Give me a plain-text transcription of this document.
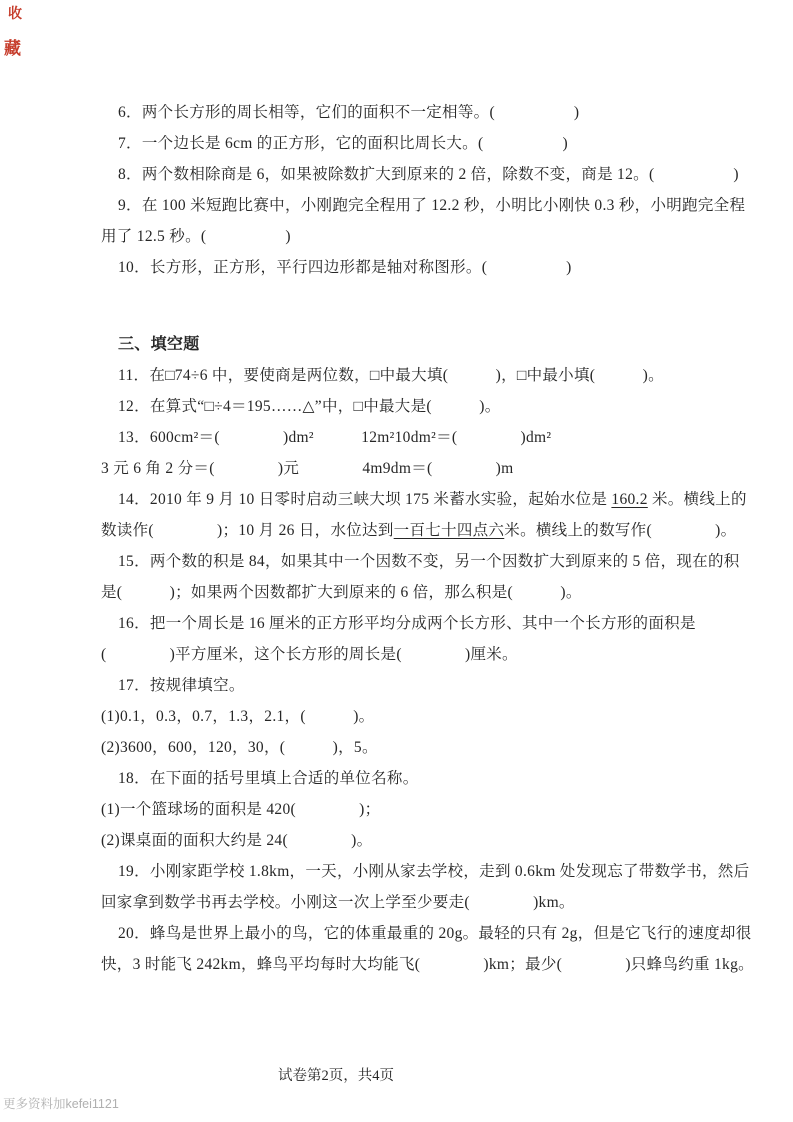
收
藏
6．两个长方形的周长相等，它们的面积不一定相等。(　　　　　)
7．一个边长是 6cm 的正方形，它的面积比周长大。(　　　　　)
8．两个数相除商是 6，如果被除数扩大到原来的 2 倍，除数不变，商是 12。(　　　　　)
9．在 100 米短跑比赛中，小刚跑完全程用了 12.2 秒，小明比小刚快 0.3 秒，小明跑完全程
用了 12.5 秒。(　　　　　)
10．长方形，正方形，平行四边形都是轴对称图形。(　　　　　)
三、填空题
11．在□74÷6 中，要使商是两位数，□中最大填(　　　)，□中最小填(　　　)。
12．在算式“□÷4＝195……△”中，□中最大是(　　　)。
13．600cm²＝(　　　　)dm²　　　12m²10dm²＝(　　　　)dm²
3 元 6 角 2 分＝(　　　　)元　　　　4m9dm＝(　　　　)m
14．2010 年 9 月 10 日零时启动三峡大坝 175 米蓄水实验，起始水位是 160.2 米。横线上的
数读作(　　　　)；10 月 26 日，水位达到一百七十四点六米。横线上的数写作(　　　　)。
15．两个数的积是 84，如果其中一个因数不变，另一个因数扩大到原来的 5 倍，现在的积
是(　　　)；如果两个因数都扩大到原来的 6 倍，那么积是(　　　)。
16．把一个周长是 16 厘米的正方形平均分成两个长方形、其中一个长方形的面积是
(　　　　)平方厘米，这个长方形的周长是(　　　　)厘米。
17．按规律填空。
(1)0.1，0.3，0.7，1.3，2.1，(　　　)。
(2)3600，600，120，30，(　　　)，5。
18．在下面的括号里填上合适的单位名称。
(1)一个篮球场的面积是 420(　　　　)；
(2)课桌面的面积大约是 24(　　　　)。
19．小刚家距学校 1.8km，一天，小刚从家去学校，走到 0.6km 处发现忘了带数学书，然后
回家拿到数学书再去学校。小刚这一次上学至少要走(　　　　)km。
20．蜂鸟是世界上最小的鸟，它的体重最重的 20g。最轻的只有 2g，但是它飞行的速度却很
快，3 时能飞 242km，蜂鸟平均每时大均能飞(　　　　)km；最少(　　　　)只蜂鸟约重 1kg。
试卷第2页，共4页
更多资料加kefei1121
